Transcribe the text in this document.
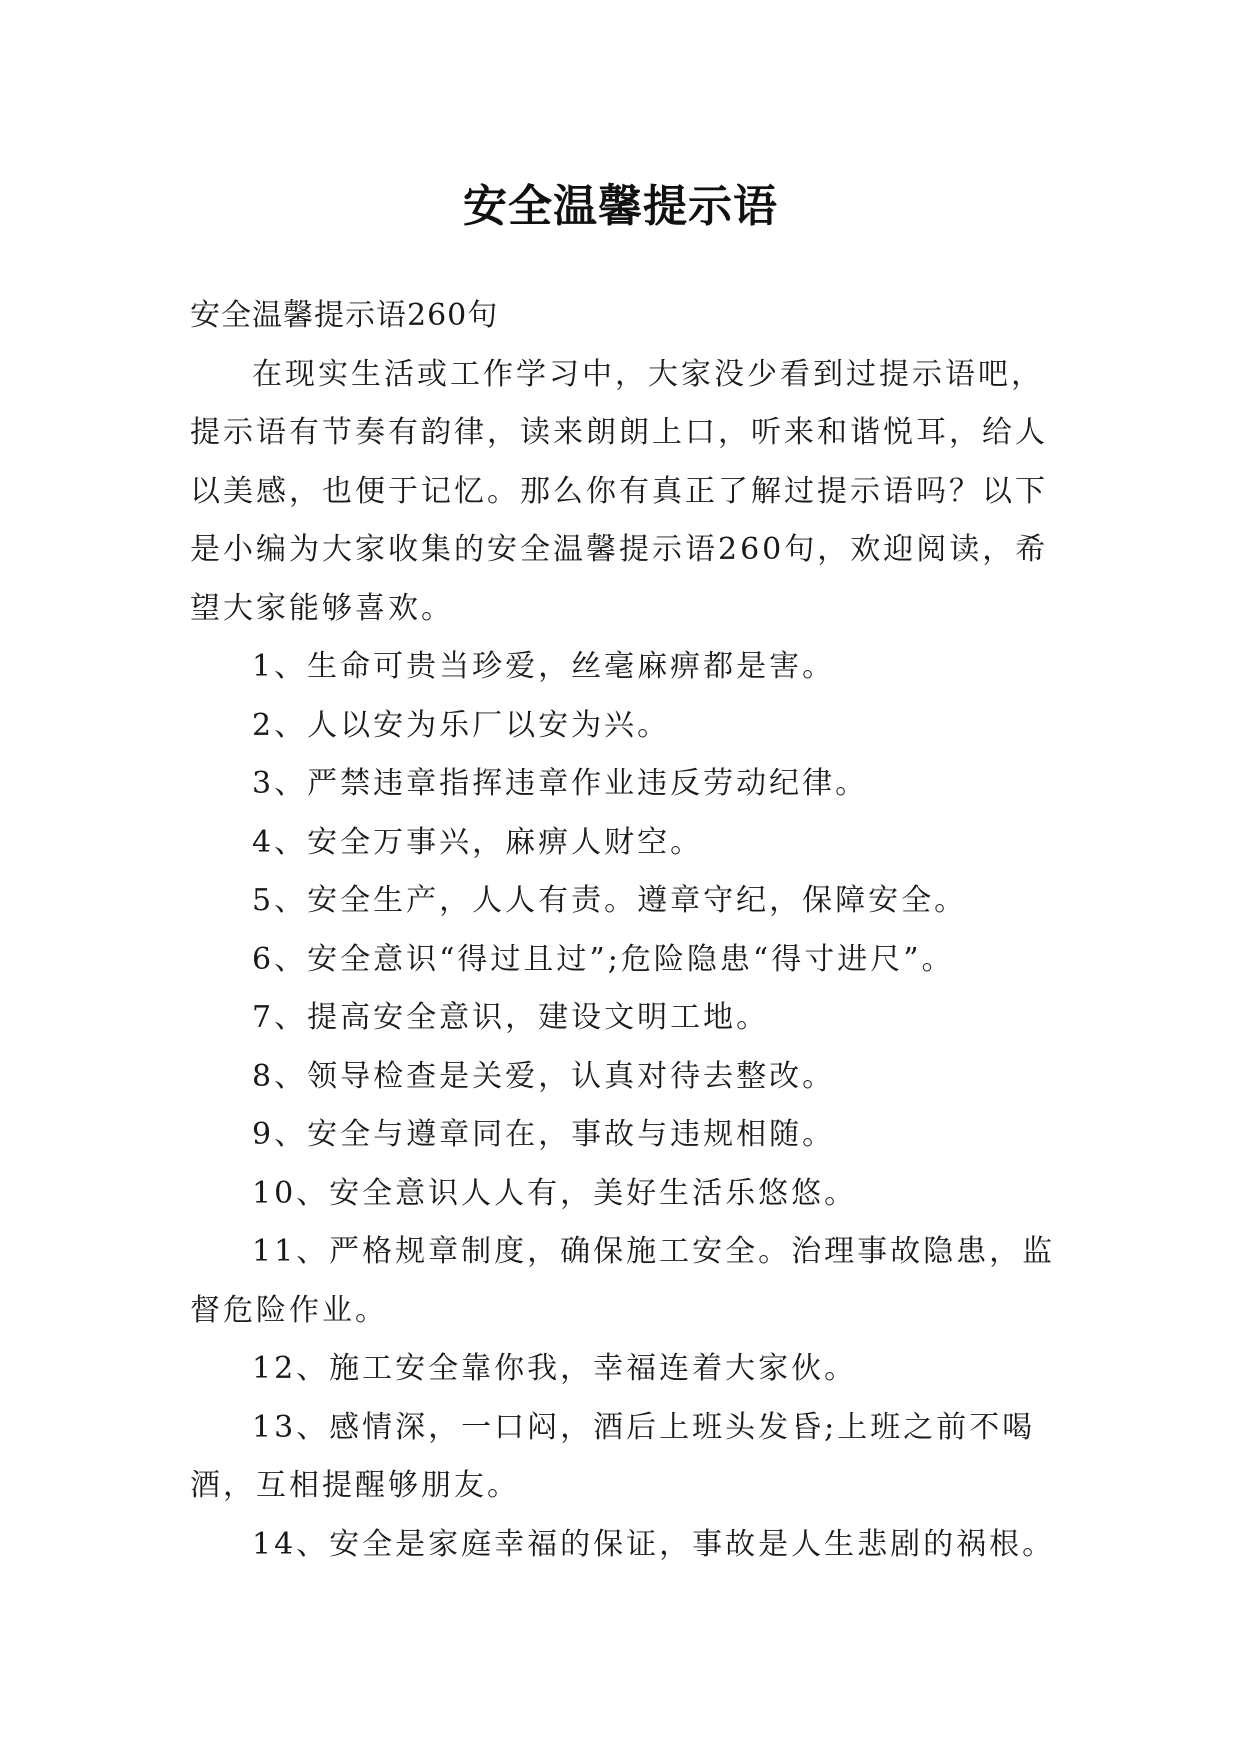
安全温馨提示语

安全温馨提示语260句

在现实生活或工作学习中，大家没少看到过提示语吧，提示语有节奏有韵律，读来朗朗上口，听来和谐悦耳，给人以美感，也便于记忆。那么你有真正了解过提示语吗？以下是小编为大家收集的安全温馨提示语260句，欢迎阅读，希望大家能够喜欢。

1、生命可贵当珍爱，丝毫麻痹都是害。

2、人以安为乐厂以安为兴。

3、严禁违章指挥违章作业违反劳动纪律。

4、安全万事兴，麻痹人财空。

5、安全生产，人人有责。遵章守纪，保障安全。

6、安全意识“得过且过”;危险隐患“得寸进尺”。

7、提高安全意识，建设文明工地。

8、领导检查是关爱，认真对待去整改。

9、安全与遵章同在，事故与违规相随。

10、安全意识人人有，美好生活乐悠悠。

11、严格规章制度，确保施工安全。治理事故隐患，监督危险作业。

12、施工安全靠你我，幸福连着大家伙。

13、感情深，一口闷，酒后上班头发昏;上班之前不喝酒，互相提醒够朋友。

14、安全是家庭幸福的保证，事故是人生悲剧的祸根。
